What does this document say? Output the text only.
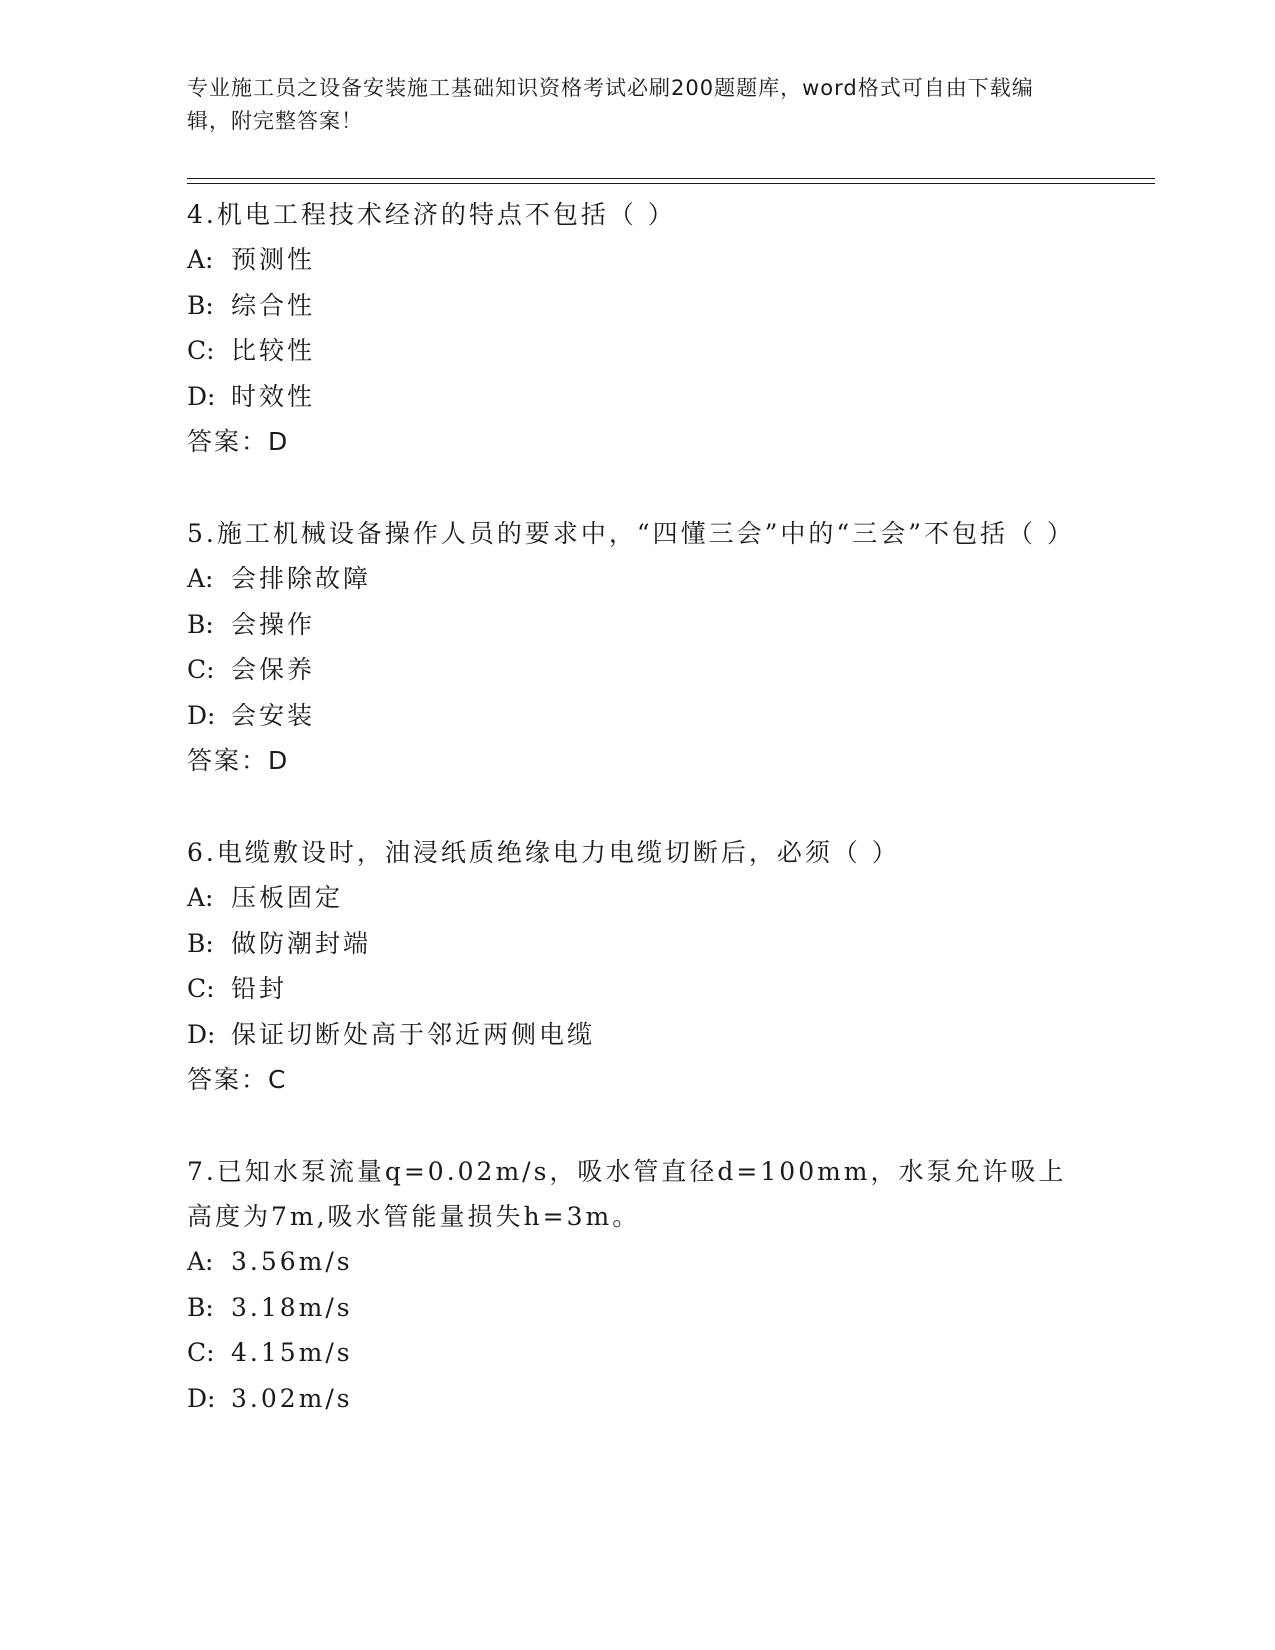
专业施工员之设备安装施工基础知识资格考试必刷200题题库，word格式可自由下载编辑，附完整答案！
4.机电工程技术经济的特点不包括（ ）
A: 预测性
B: 综合性
C: 比较性
D: 时效性
答案：D
5.施工机械设备操作人员的要求中，“四懂三会”中的“三会”不包括（ ）
A: 会排除故障
B: 会操作
C: 会保养
D: 会安装
答案：D
6.电缆敷设时，油浸纸质绝缘电力电缆切断后，必须（ ）
A: 压板固定
B: 做防潮封端
C: 铅封
D: 保证切断处高于邻近两侧电缆
答案：C
7.已知水泵流量q=0.02m/s，吸水管直径d=100mm，水泵允许吸上高度为7m,吸水管能量损失h=3m。
A: 3.56m/s
B: 3.18m/s
C: 4.15m/s
D: 3.02m/s
